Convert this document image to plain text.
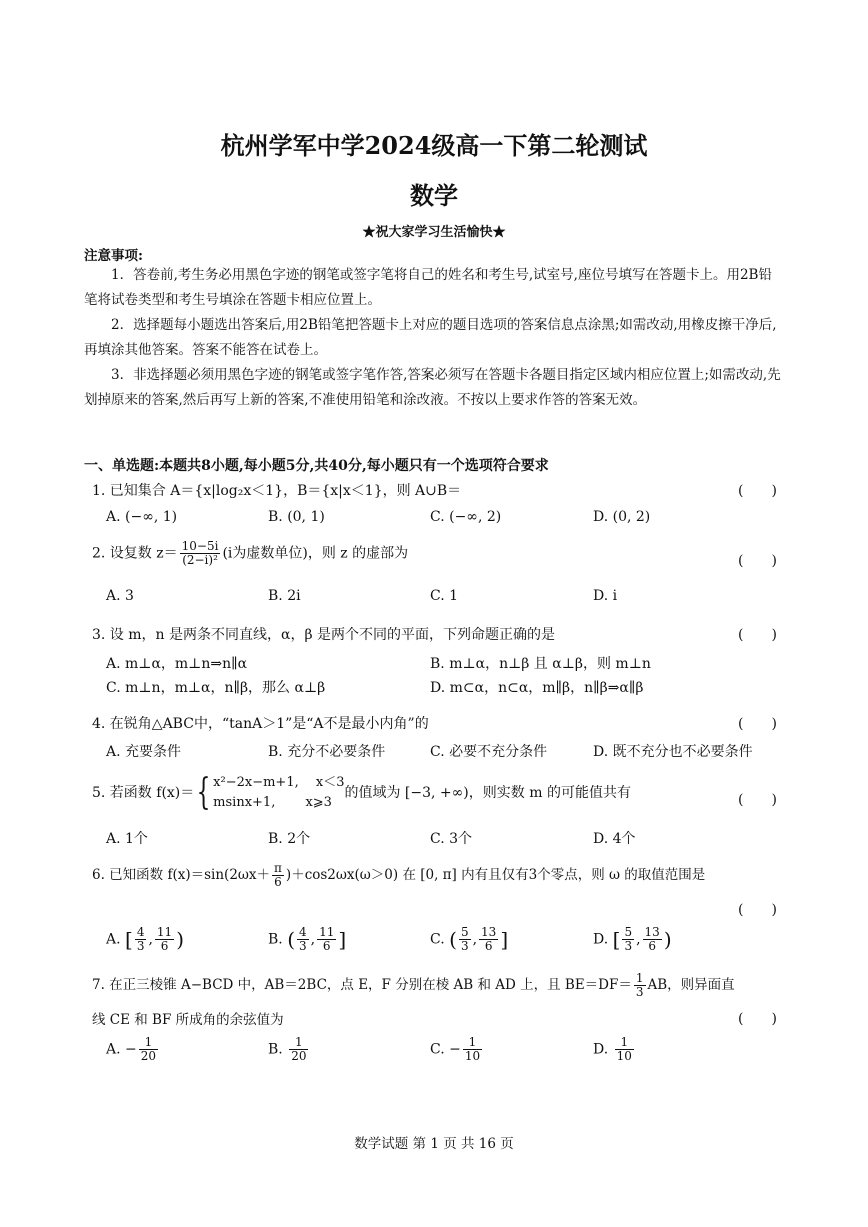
杭州学军中学2024级高一下第二轮测试
数学
★祝大家学习生活愉快★
注意事项:
1．答卷前,考生务必用黑色字迹的钢笔或签字笔将自己的姓名和考生号,试室号,座位号填写在答题卡上。用2B铅笔将试卷类型和考生号填涂在答题卡相应位置上。
2．选择题每小题选出答案后,用2B铅笔把答题卡上对应的题目选项的答案信息点涂黑;如需改动,用橡皮擦干净后,再填涂其他答案。答案不能答在试卷上。
3．非选择题必须用黑色字迹的钢笔或签字笔作答,答案必须写在答题卡各题目指定区域内相应位置上;如需改动,先划掉原来的答案,然后再写上新的答案,不准使用铅笔和涂改液。不按以上要求作答的答案无效。
一、单选题:本题共8小题,每小题5分,共40分,每小题只有一个选项符合要求
1. 已知集合 A＝{x|log₂x＜1}，B＝{x|x＜1}，则 A∪B＝	(　　)
A. (−∞, 1)	B. (0, 1)	C. (−∞, 2)	D. (0, 2)
2. 设复数 $z= \frac{10-5i}{\text{(2−i)²}} (i$为虚数单位)，则 z 的虚部为	(　　)
A. 3	B. 2i	C. 1	D. i
3. 设 m，n 是两条不同直线，α，β 是两个不同的平面，下列命题正确的是	(　　)
A. m⊥α，m⊥n⇒n∥α	B. m⊥α，n⊥β 且 α⊥β，则 m⊥n
C. m⊥n，m⊥α，n∥β，那么 α⊥β	D. m⊂α，n⊂α，m∥β，n∥β⇒α∥β
4. 在锐角△ABC中，“tanA＞1”是“A不是最小内角”的	(　　)
A. 充要条件	B. 充分不必要条件	C. 必要不充分条件	D. 既不充分也不必要条件
5. 若函数 f(x)＝{ x²−2x−m+1,　 x＜3
msinx+1,　　 x⩾3
的值域为 [−3, +∞)，则实数 m 的可能值共有	(　　)
A. 1个	B. 2个	C. 3个	D. 4个
6. 已知函数 $f(x)=\sin(2\omega x+ \frac{\pi}{6} )+\cos 2\omega x(\omega>0)$ 在 [0, π] 内有且仅有3个零点，则 ω 的取值范围是
(　　)
A. [ $\frac{4}{3}$ , $\frac{11}{6}$ )	B. ( $\frac{4}{3}$ , $\frac{11}{6}$ ]	C. ( $\frac{5}{3}$ , $\frac{13}{6}$ ]	D. [ $\frac{5}{3}$ , $\frac{13}{6}$ )
7. 在正三棱锥 A−BCD 中，AB＝2BC，点 E，F 分别在棱 AB 和 AD 上，且 $BE=DF= \frac{1}{3}$ AB，则异面直
线 CE 和 BF 所成角的余弦值为	(　　)
A. − $\frac{1}{20}$	B. $\frac{1}{20}$	C. − $\frac{1}{10}$	D. $\frac{1}{10}$
数学试题 第 1 页 共 16 页
